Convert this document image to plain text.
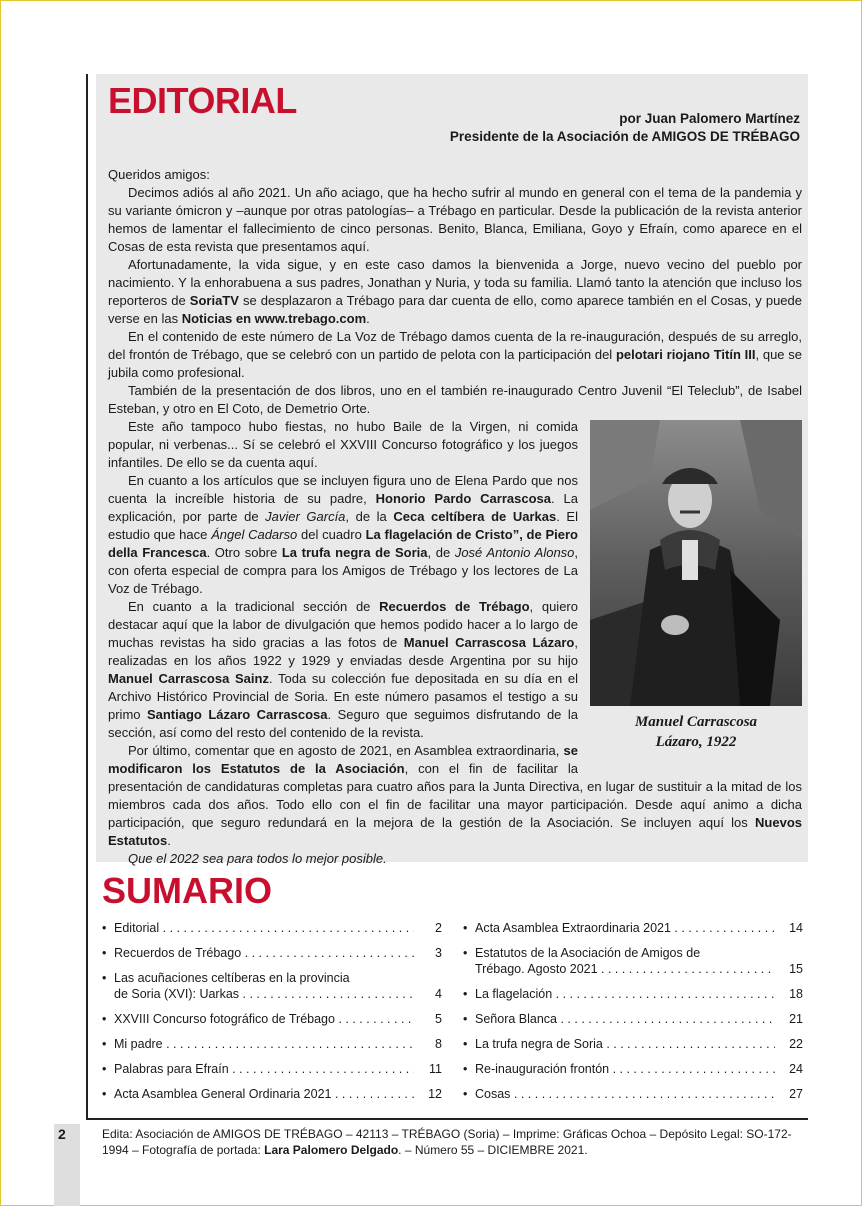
EDITORIAL	por Juan Palomero Martínez
Presidente de la Asociación de AMIGOS DE TRÉBAGO

Queridos amigos:

Decimos adiós al año 2021. Un año aciago, que ha hecho sufrir al mundo en general con el tema de la pandemia y su variante ómicron y –aunque por otras patologías– a Trébago en particular. Desde la publicación de la revista anterior hemos de lamentar el fallecimiento de cinco personas. Benito, Blanca, Emiliana, Goyo y Efraín, como aparece en el Cosas de esta revista que presentamos aquí.

Afortunadamente, la vida sigue, y en este caso damos la bienvenida a Jorge, nuevo vecino del pueblo por nacimiento. Y la enhorabuena a sus padres, Jonathan y Nuria, y toda su familia. Llamó tanto la atención que incluso los reporteros de SoriaTV se desplazaron a Trébago para dar cuenta de ello, como aparece también en el Cosas, y puede verse en las Noticias en www.trebago.com.

En el contenido de este número de La Voz de Trébago damos cuenta de la re-inauguración, después de su arreglo, del frontón de Trébago, que se celebró con un partido de pelota con la participación del pelotari riojano Titín III, que se jubila como profesional.

También de la presentación de dos libros, uno en el también re-inaugurado Centro Juvenil “El Teleclub”, de Isabel Esteban, y otro en El Coto, de Demetrio Orte.

Manuel Carrascosa
Lázaro, 1922

Este año tampoco hubo fiestas, no hubo Baile de la Virgen, ni comida popular, ni verbenas... Sí se celebró el XXVIII Concurso fotográfico y los juegos infantiles. De ello se da cuenta aquí.

En cuanto a los artículos que se incluyen figura uno de Elena Pardo que nos cuenta la increíble historia de su padre, Honorio Pardo Carrascosa. La explicación, por parte de Javier García, de la Ceca celtíbera de Uarkas. El estudio que hace Ángel Cadarso del cuadro La flagelación de Cristo”, de Piero della Francesca. Otro sobre La trufa negra de Soria, de José Antonio Alonso, con oferta especial de compra para los Amigos de Trébago y los lectores de La Voz de Trébago.

En cuanto a la tradicional sección de Recuerdos de Trébago, quiero destacar aquí que la labor de divulgación que hemos podido hacer a lo largo de muchas revistas ha sido gracias a las fotos de Manuel Carrascosa Lázaro, realizadas en los años 1922 y 1929 y enviadas desde Argentina por su hijo Manuel Carrascosa Sainz. Toda su colección fue depositada en su día en el Archivo Histórico Provincial de Soria. En este número pasamos el testigo a su primo Santiago Lázaro Carrascosa. Seguro que seguimos disfrutando de la sección, así como del resto del contenido de la revista.

Por último, comentar que en agosto de 2021, en Asamblea extraordinaria, se modificaron los Estatutos de la Asociación, con el fin de facilitar la presentación de candidaturas completas para cuatro años para la Junta Directiva, en lugar de sustituir a la mitad de los miembros cada dos años. Todo ello con el fin de facilitar una mayor participación. Desde aquí animo a dicha participación, que seguro redundará en la mejora de la gestión de la Asociación. Se incluyen aquí los Nuevos Estatutos.

Que el 2022 sea para todos lo mejor posible.

SUMARIO
• Editorial . . .	2
• Recuerdos de Trébago . . .	3
• Las acuñaciones celtíberas en la provincia
de Soria (XVI): Uarkas . . .	4
• XXVIII Concurso fotográfico de Trébago . . .	5
• Mi padre . . .	8
• Palabras para Efraín . . .	11
• Acta Asamblea General Ordinaria 2021 . . .	12
• Acta Asamblea Extraordinaria 2021 . . .	14
• Estatutos de la Asociación de Amigos de
Trébago. Agosto 2021 . . .	15
• La flagelación . . .	18
• Señora Blanca . . .	21
• La trufa negra de Soria . . .	22
• Re-inauguración frontón . . .	24
• Cosas . . .	27
2	Edita: Asociación de AMIGOS DE TRÉBAGO – 42113 – TRÉBAGO (Soria) – Imprime: Gráficas Ochoa – Depósito Legal: SO-172-1994 – Fotografía de portada: Lara Palomero Delgado. – Número 55 – DICIEMBRE 2021.
